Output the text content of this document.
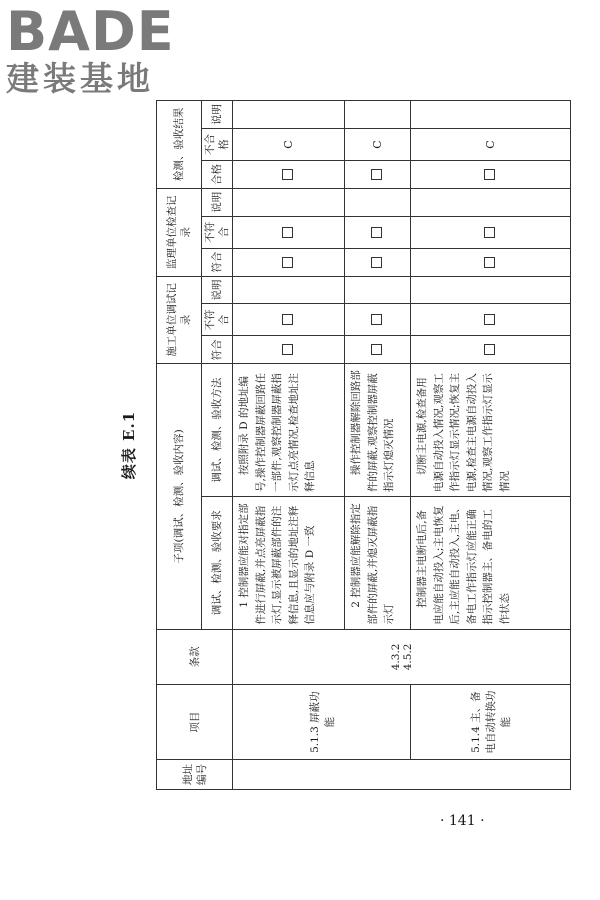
BADE
建装基地
续表 E.1
地址编号	项目	条款	子项(调试、检测、验收内容)		施工单位调试记录			监理单位检查记录			检测、验收结果		
			调试、检测、验收要求	调试、检测、验收方法	符合	不符合	说明	符合	不符合	说明	合格	不合格	说明
	5.1.3 屏蔽功能	4.3.2 4.5.2	1 控制器应能对指定部件进行屏蔽,并点亮屏蔽指示灯,显示被屏蔽部件的注释信息,且显示的地址注释信息应与附录 D 一致	按照附录 D 的地址编号,操作控制器屏蔽回路任一部件,观察控制器屏蔽指示灯点亮情况,检查地址注释信息								C	
			2 控制器应能解除指定部件的屏蔽,并熄灭屏蔽指示灯	操作控制器解除回路部件的屏蔽,观察控制器屏蔽指示灯熄灭情况								C	
	5.1.4 主、备电自动转换功能		控制器主电断电后,备电应能自动投入;主电恢复后,主应能自动投入,主电、备电工作指示灯应能正确指示控制器主、备电的工作状态	切断主电源,检查备用电源自动投入情况,观察工作指示灯显示情况;恢复主电源,检查主电源自动投入情况,观察工作指示灯显示情况								C	
· 141 ·
